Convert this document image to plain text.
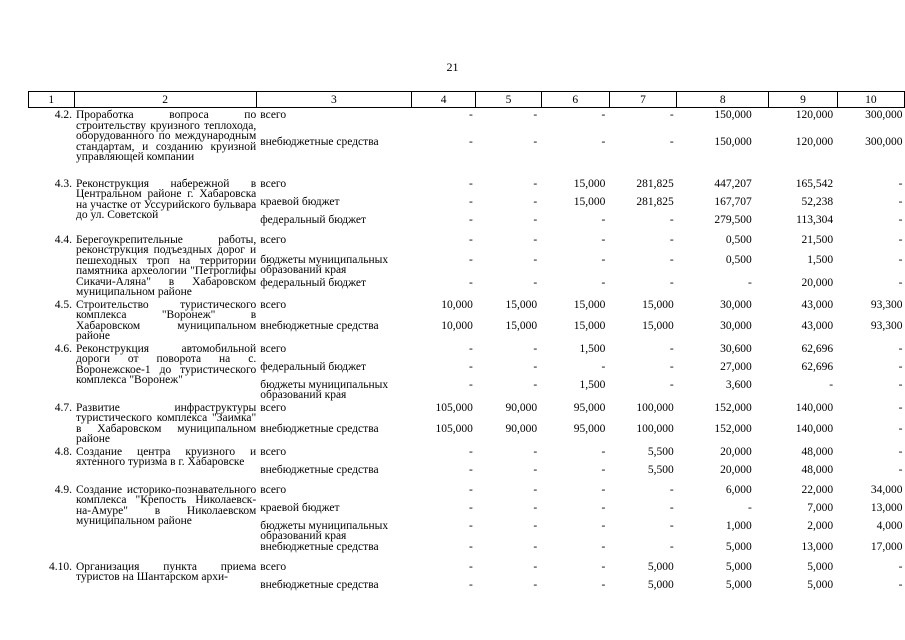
21
1	2	3	4	5	6	7	8	9	10
4.2.	Проработка вопроса по строительству круизного теплохода, оборудованного по международным стандартам, и созданию круизной управляющей компании	всего	-	-	-	-	150,000	120,000	300,000
		внебюджетные средства	-	-	-	-	150,000	120,000	300,000

4.3.	Реконструкция набережной в Центральном районе г. Хабаровска на участке от Уссурийского бульвара до ул. Советской	всего	-	-	15,000	281,825	447,207	165,542	-
		краевой бюджет	-	-	15,000	281,825	167,707	52,238	-
		федеральный бюджет	-	-	-	-	279,500	113,304	-
4.4.	Берегоукрепительные работы, реконструкция подъездных дорог и пешеходных троп на территории памятника археологии "Петроглифы Сикачи-Аляна" в Хабаровском муниципальном районе	всего	-	-	-	-	0,500	21,500	-
		бюджеты муниципальных образований края	-	-	-	-	0,500	1,500	-
		федеральный бюджет	-	-	-	-	-	20,000	-
4.5.	Строительство туристического комплекса "Воронеж" в Хабаровском муниципальном районе	всего	10,000	15,000	15,000	15,000	30,000	43,000	93,300
		внебюджетные средства	10,000	15,000	15,000	15,000	30,000	43,000	93,300
4.6.	Реконструкция автомобильной дороги от поворота на с. Воронежское-1 до туристического комплекса "Воронеж"	всего	-	-	1,500	-	30,600	62,696	-
		федеральный бюджет	-	-	-	-	27,000	62,696	-
		бюджеты муниципальных образований края	-	-	1,500	-	3,600	-	-
4.7.	Развитие инфраструктуры туристического комплекса "Заимка" в Хабаровском муниципальном районе	всего	105,000	90,000	95,000	100,000	152,000	140,000	-
		внебюджетные средства	105,000	90,000	95,000	100,000	152,000	140,000	-
4.8.	Создание центра круизного и яхтенного туризма в г. Хабаровске	всего	-	-	-	5,500	20,000	48,000	-
		внебюджетные средства	-	-	-	5,500	20,000	48,000	-
4.9.	Создание историко-познавательного комплекса "Крепость Николаевск-на-Амуре" в Николаевском муниципальном районе	всего	-	-	-	-	6,000	22,000	34,000
		краевой бюджет	-	-	-	-	-	7,000	13,000
		бюджеты муниципальных образований края	-	-	-	-	1,000	2,000	4,000
		внебюджетные средства	-	-	-	-	5,000	13,000	17,000
4.10.	Организация пункта приема туристов на Шантарском архи-	всего	-	-	-	5,000	5,000	5,000	-
		внебюджетные средства	-	-	-	5,000	5,000	5,000	-
